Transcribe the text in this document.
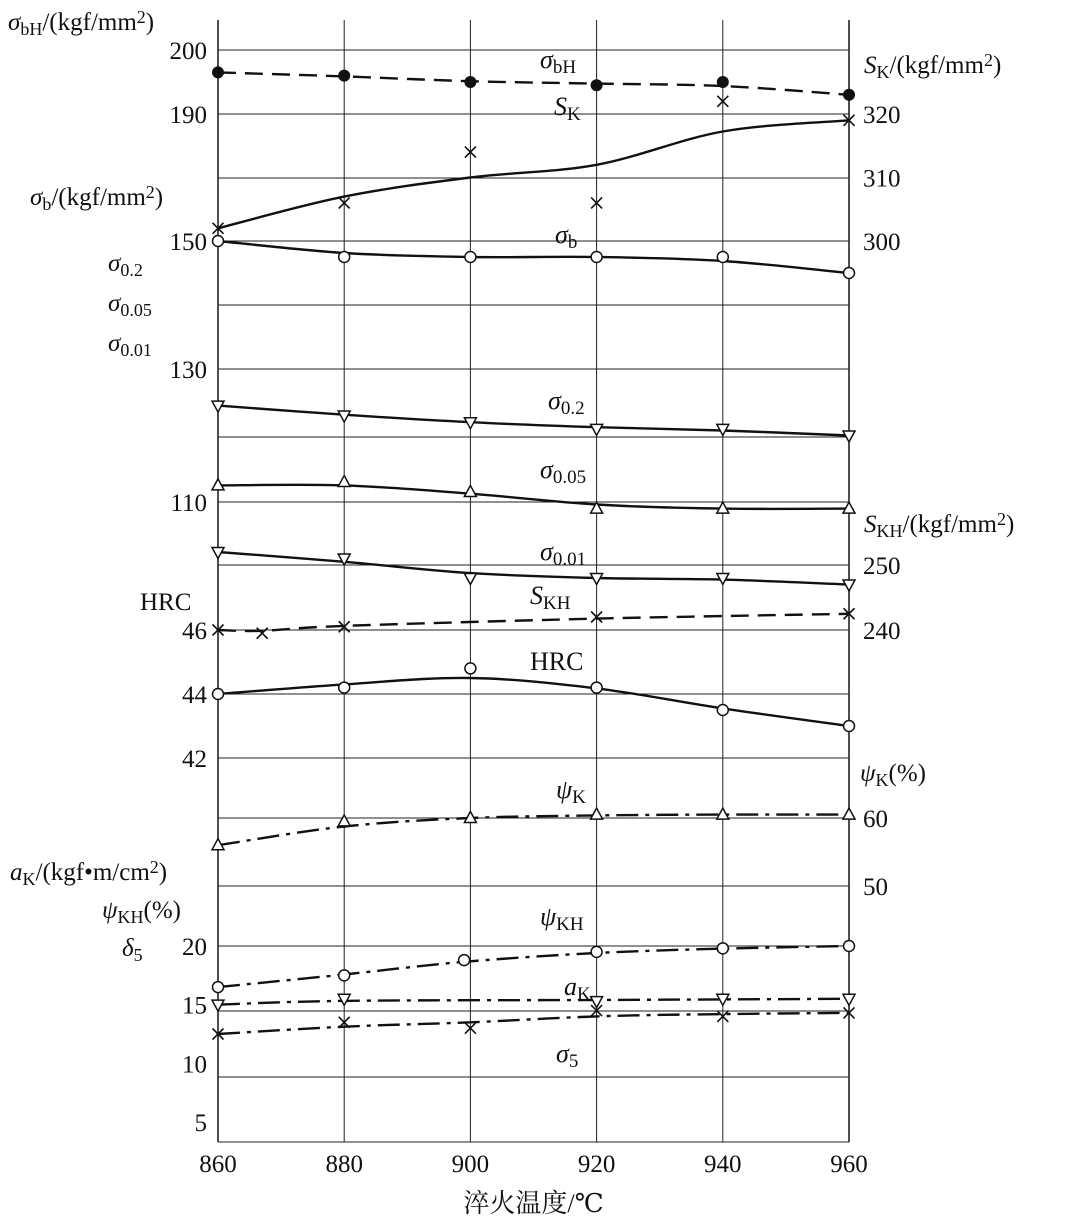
200
190
150
130
110
46
44
42
20
15
10
5
320
310
300
250
240
60
50
860	880	900	920	940	960
淬火温度/℃
σbH/(kgf/mm2)
SK/(kgf/mm2)
σb/(kgf/mm2)
σ0.2
σ0.05
σ0.01
SKH/(kgf/mm2)
HRC
ψK(%)
aK/(kgf•m/cm2)
ψKH(%)
δ5
σbH
SK
σb
σ0.2
σ0.05
σ0.01
SKH
HRC
ψK
ψKH
aK
σ5
